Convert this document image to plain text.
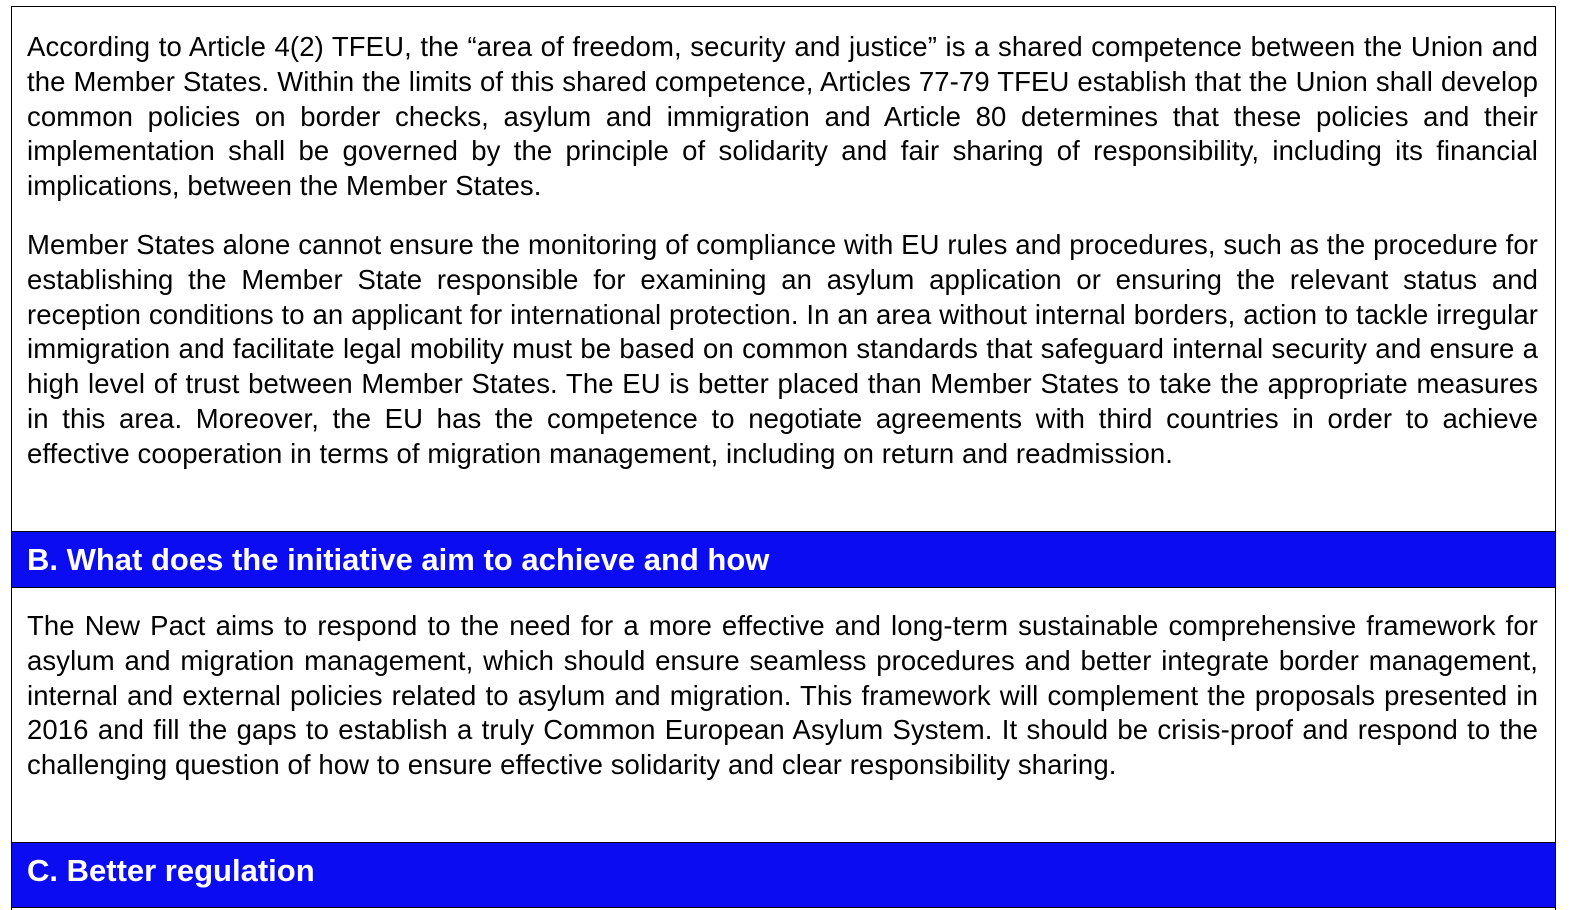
According to Article 4(2) TFEU, the “area of freedom, security and justice” is a shared competence between the Union and the Member States. Within the limits of this shared competence, Articles 77-79 TFEU establish that the Union shall develop common policies on border checks, asylum and immigration and Article 80 determines that these policies and their implementation shall be governed by the principle of solidarity and fair sharing of responsibility, including its financial implications, between the Member States.

Member States alone cannot ensure the monitoring of compliance with EU rules and procedures, such as the procedure for establishing the Member State responsible for examining an asylum application or ensuring the relevant status and reception conditions to an applicant for international protection. In an area without internal borders, action to tackle irregular immigration and facilitate legal mobility must be based on common standards that safeguard internal security and ensure a high level of trust between Member States. The EU is better placed than Member States to take the appropriate measures in this area. Moreover, the EU has the competence to negotiate agreements with third countries in order to achieve effective cooperation in terms of migration management, including on return and readmission.

B. What does the initiative aim to achieve and how

The New Pact aims to respond to the need for a more effective and long-term sustainable comprehensive framework for asylum and migration management, which should ensure seamless procedures and better integrate border management, internal and external policies related to asylum and migration. This framework will complement the proposals presented in 2016 and fill the gaps to establish a truly Common European Asylum System. It should be crisis-proof and respond to the challenging question of how to ensure effective solidarity and clear responsibility sharing.

C. Better regulation
